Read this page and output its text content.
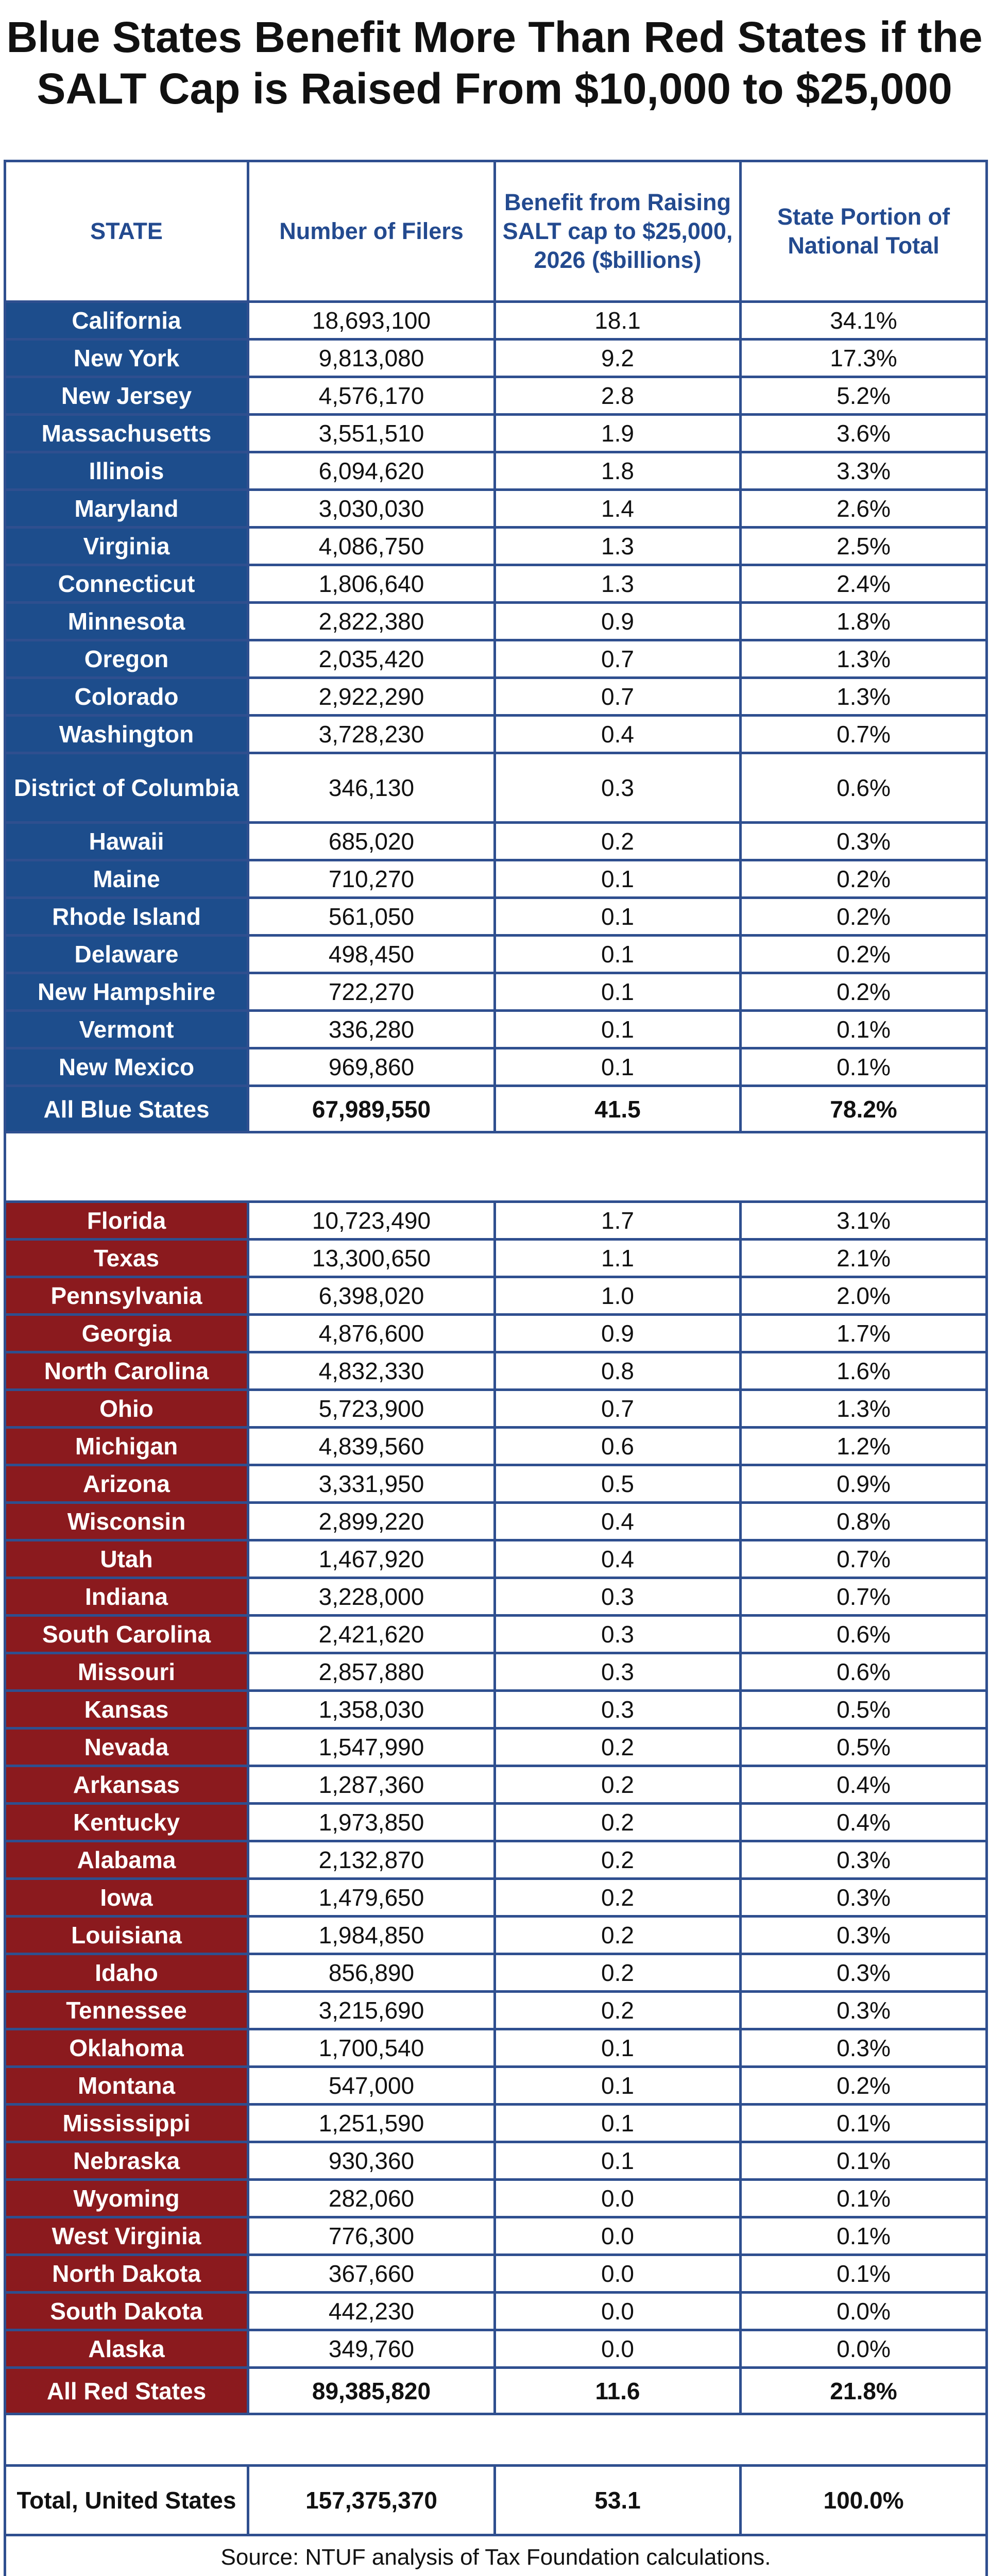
Blue States Benefit More Than Red States if the
SALT Cap is Raised From $10,000 to $25,000
STATE	Number of Filers	Benefit from Raising SALT cap to $25,000, 2026 ($billions)	State Portion of National Total
California	18,693,100	18.1	34.1%
New York	9,813,080	9.2	17.3%
New Jersey	4,576,170	2.8	5.2%
Massachusetts	3,551,510	1.9	3.6%
Illinois	6,094,620	1.8	3.3%
Maryland	3,030,030	1.4	2.6%
Virginia	4,086,750	1.3	2.5%
Connecticut	1,806,640	1.3	2.4%
Minnesota	2,822,380	0.9	1.8%
Oregon	2,035,420	0.7	1.3%
Colorado	2,922,290	0.7	1.3%
Washington	3,728,230	0.4	0.7%
District of Columbia	346,130	0.3	0.6%
Hawaii	685,020	0.2	0.3%
Maine	710,270	0.1	0.2%
Rhode Island	561,050	0.1	0.2%
Delaware	498,450	0.1	0.2%
New Hampshire	722,270	0.1	0.2%
Vermont	336,280	0.1	0.1%
New Mexico	969,860	0.1	0.1%
All Blue States	67,989,550	41.5	78.2%

Florida	10,723,490	1.7	3.1%
Texas	13,300,650	1.1	2.1%
Pennsylvania	6,398,020	1.0	2.0%
Georgia	4,876,600	0.9	1.7%
North Carolina	4,832,330	0.8	1.6%
Ohio	5,723,900	0.7	1.3%
Michigan	4,839,560	0.6	1.2%
Arizona	3,331,950	0.5	0.9%
Wisconsin	2,899,220	0.4	0.8%
Utah	1,467,920	0.4	0.7%
Indiana	3,228,000	0.3	0.7%
South Carolina	2,421,620	0.3	0.6%
Missouri	2,857,880	0.3	0.6%
Kansas	1,358,030	0.3	0.5%
Nevada	1,547,990	0.2	0.5%
Arkansas	1,287,360	0.2	0.4%
Kentucky	1,973,850	0.2	0.4%
Alabama	2,132,870	0.2	0.3%
Iowa	1,479,650	0.2	0.3%
Louisiana	1,984,850	0.2	0.3%
Idaho	856,890	0.2	0.3%
Tennessee	3,215,690	0.2	0.3%
Oklahoma	1,700,540	0.1	0.3%
Montana	547,000	0.1	0.2%
Mississippi	1,251,590	0.1	0.1%
Nebraska	930,360	0.1	0.1%
Wyoming	282,060	0.0	0.1%
West Virginia	776,300	0.0	0.1%
North Dakota	367,660	0.0	0.1%
South Dakota	442,230	0.0	0.0%
Alaska	349,760	0.0	0.0%
All Red States	89,385,820	11.6	21.8%

Total, United States	157,375,370	53.1	100.0%
Source: NTUF analysis of Tax Foundation calculations.			
